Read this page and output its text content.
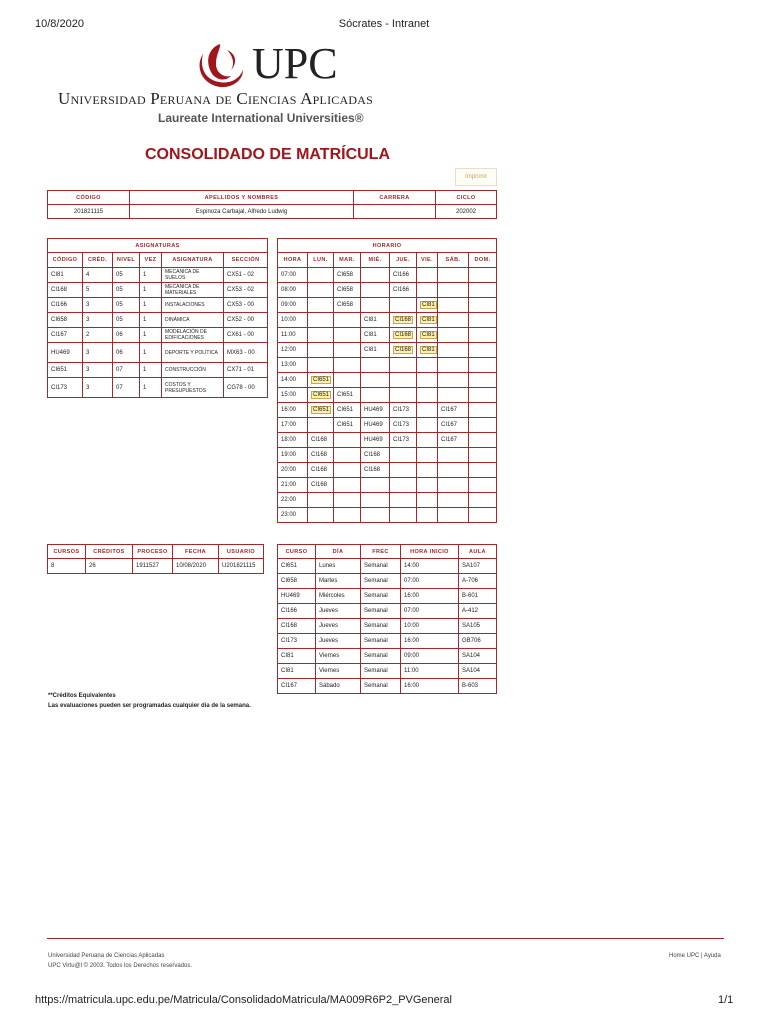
10/8/2020	Sócrates - Intranet
UPC
Universidad Peruana de Ciencias Aplicadas
Laureate International Universities®
CONSOLIDADO DE MATRÍCULA
Imprimir
CÓDIGO	APELLIDOS Y NOMBRES	CARRERA	CICLO
201821115	Espinoza Carbajal, Alfredo Ludwig		202002
ASIGNATURAS					
CÓDIGO	CRÉD.	NIVEL	VEZ	ASIGNATURA	SECCIÓN
CI81	4	05	1	MECANICA DE SUELOS	CX51 - 02
CI168	5	05	1	MECANICA DE MATERIALES	CX53 - 02
CI166	3	05	1	INSTALACIONES	CX53 - 00
CI658	3	05	1	DINÁMICA	CX52 - 00
CI167	2	06	1	MODELACIÓN DE EDIFICACIONES	CX61 - 00
HU469	3	06	1	DEPORTE Y POLÍTICA	MX63 - 00
CI651	3	07	1	CONSTRUCCIÓN	CX71 - 01
CI173	3	07	1	COSTOS Y PRESUPUESTOS	CG78 - 00
HORARIO							
HORA	LUN.	MAR.	MIÉ.	JUE.	VIE.	SÁB.	DOM.
07:00		CI658		CI166			
08:00		CI658		CI166			
09:00		CI658			CI81		
10:00			CI81	CI168	CI81		
11:00			CI81	CI168	CI81		
12:00			CI81	CI168	CI81		
13:00							
14:00	CI651						
15:00	CI651	CI651					
16:00	CI651	CI651	HU469	CI173		CI167	
17:00		CI651	HU469	CI173		CI167	
18:00	CI168		HU469	CI173		CI167	
19:00	CI168		CI168				
20:00	CI168		CI168				
21:00	CI168						
22:00							
23:00							
CURSOS	CRÉDITOS	PROCESO	FECHA	USUARIO
8	26	1911527	10/08/2020	U201821115
CURSO	DÍA	FREC	HORA INICIO	AULA
CI651	Lunes	Semanal	14:00	SA107
CI658	Martes	Semanal	07:00	A-706
HU469	Miércoles	Semanal	16:00	B-601
CI166	Jueves	Semanal	07:00	A-412
CI168	Jueves	Semanal	10:00	SA105
CI173	Jueves	Semanal	16:00	GB706
CI81	Viernes	Semanal	09:00	SA104
CI81	Viernes	Semanal	11:00	SA104
CI167	Sábado	Semanal	16:00	B-603
**Créditos Equivalentes
Las evaluaciones pueden ser programadas cualquier día de la semana.
Universidad Peruana de Ciencias Aplicadas
UPC Virtu@l © 2003. Todos los Derechos reservados.
Home UPC | Ayuda
https://matricula.upc.edu.pe/Matricula/ConsolidadoMatricula/MA009R6P2_PVGeneral	1/1
